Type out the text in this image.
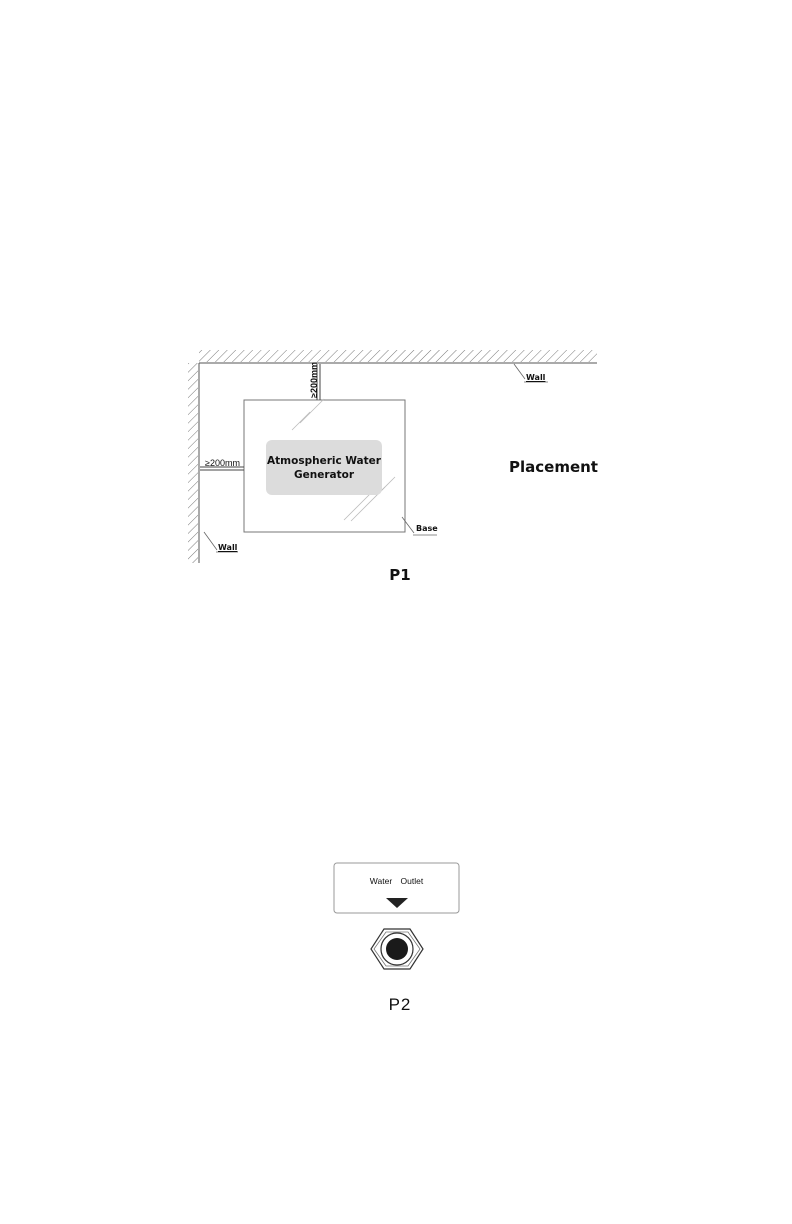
≥200mm
≥200mm	Atmospheric Water
Generator
Wall
Wall
Base
Placement
P1
Water Outlet
P2
